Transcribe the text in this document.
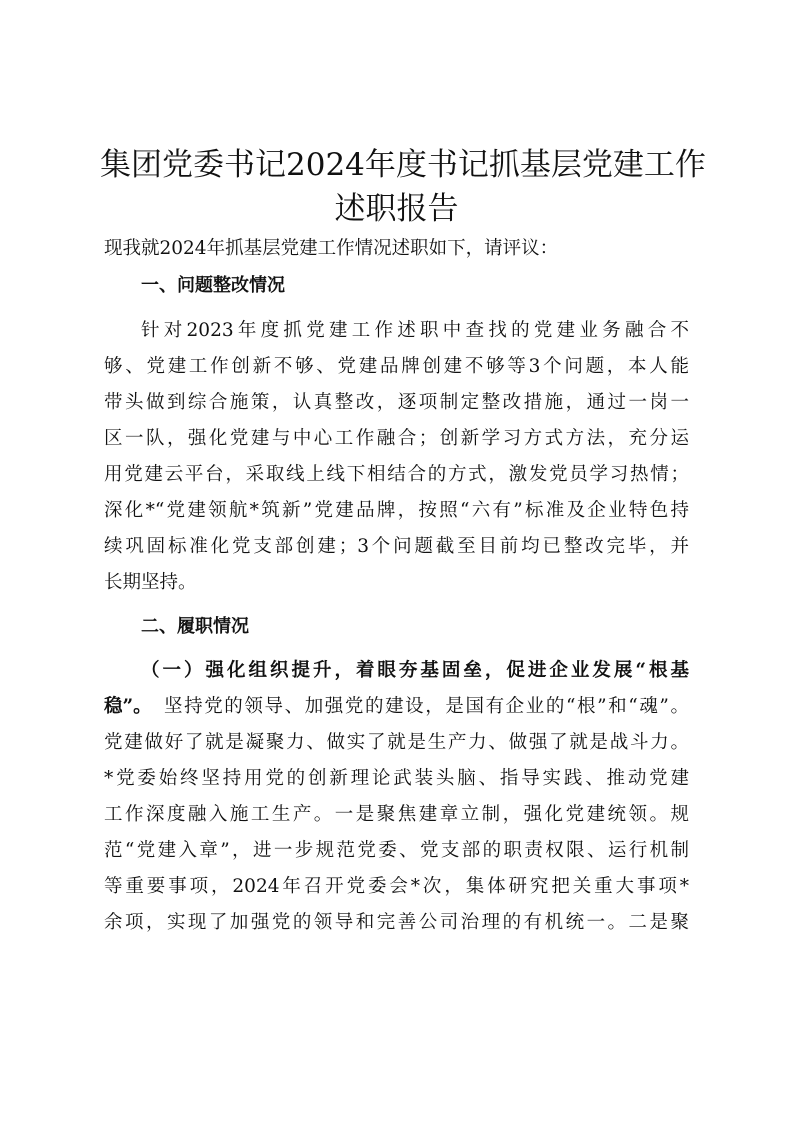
集团党委书记2024年度书记抓基层党建工作
述职报告
现我就2024年抓基层党建工作情况述职如下，请评议：
一、问题整改情况
针对2023年度抓党建工作述职中查找的党建业务融合不
够、党建工作创新不够、党建品牌创建不够等3个问题，本人能
带头做到综合施策，认真整改，逐项制定整改措施，通过一岗一
区一队，强化党建与中心工作融合；创新学习方式方法，充分运
用党建云平台，采取线上线下相结合的方式，激发党员学习热情；
深化*“党建领航*筑新”党建品牌，按照“六有”标准及企业特色持
续巩固标准化党支部创建；3个问题截至目前均已整改完毕，并
长期坚持。
二、履职情况
（一）强化组织提升，着眼夯基固垒，促进企业发展“根基
稳”。 坚持党的领导、加强党的建设，是国有企业的“根”和“魂”。
党建做好了就是凝聚力、做实了就是生产力、做强了就是战斗力。
*党委始终坚持用党的创新理论武装头脑、指导实践、推动党建
工作深度融入施工生产。一是聚焦建章立制，强化党建统领。规
范“党建入章”，进一步规范党委、党支部的职责权限、运行机制
等重要事项，2024年召开党委会*次，集体研究把关重大事项*
余项，实现了加强党的领导和完善公司治理的有机统一。二是聚
